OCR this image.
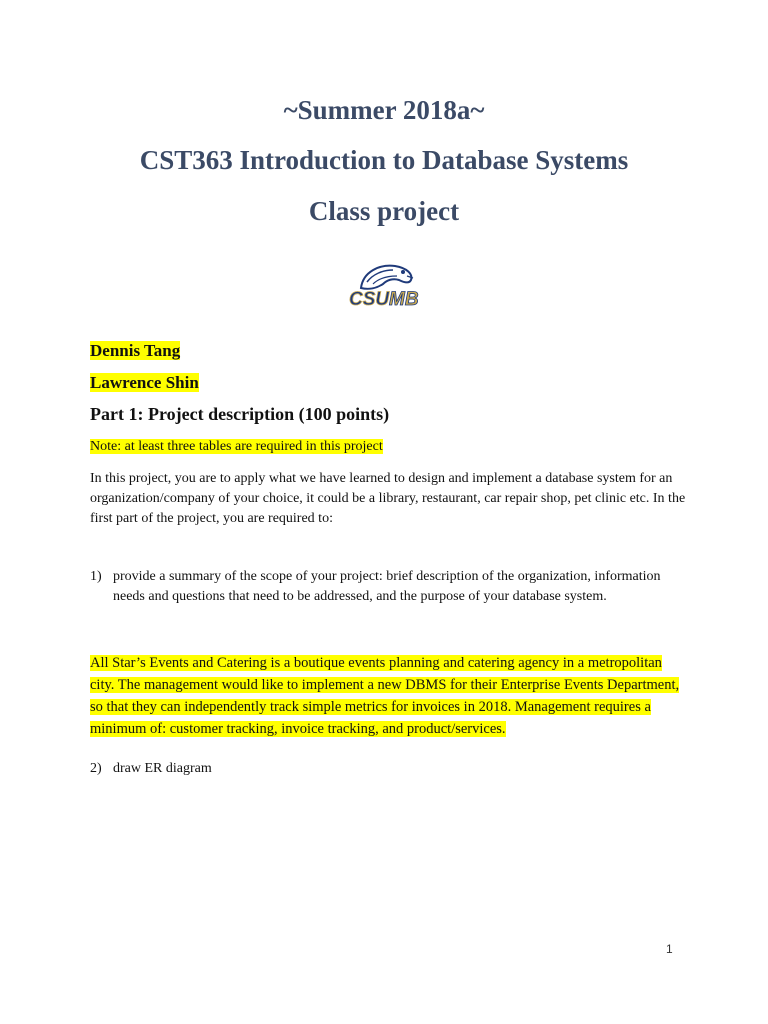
~Summer 2018a~
CST363 Introduction to Database Systems
Class project
CSU MB
Dennis Tang
Lawrence Shin
Part 1: Project description (100 points)
Note: at least three tables are required in this project
In this project, you are to apply what we have learned to design and implement a database system for an organization/company of your choice, it could be a library, restaurant, car repair shop, pet clinic etc. In the first part of the project, you are required to:
1) provide a summary of the scope of your project: brief description of the organization, information needs and questions that need to be addressed, and the purpose of your database system.
All Star’s Events and Catering is a boutique events planning and catering agency in a metropolitan city. The management would like to implement a new DBMS for their Enterprise Events Department, so that they can independently track simple metrics for invoices in 2018. Management requires a minimum of: customer tracking, invoice tracking, and product/services.
2) draw ER diagram
1
